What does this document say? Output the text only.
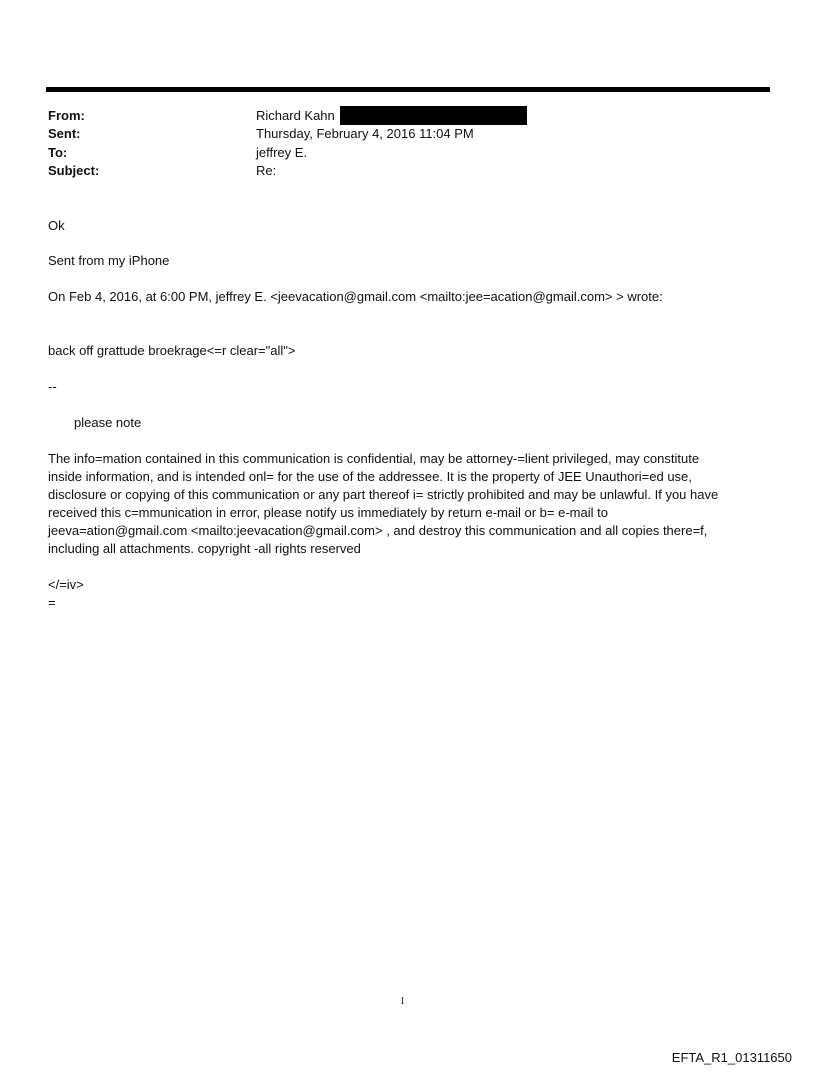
From:	Richard Kahn
Sent:	Thursday, February 4, 2016 11:04 PM
To:	jeffrey E.
Subject:	Re:
Ok
Sent from my iPhone
On Feb 4, 2016, at 6:00 PM, jeffrey E. <jeevacation@gmail.com <mailto:jee=acation@gmail.com> > wrote:
back off grattude broekrage<=r clear="all">
--
please note
The info=mation contained in this communication is confidential, may be attorney-=lient privileged, may constitute
inside information, and is intended onl= for the use of the addressee. It is the property of JEE Unauthori=ed use,
disclosure or copying of this communication or any part thereof i= strictly prohibited and may be unlawful. If you have
received this c=mmunication in error, please notify us immediately by return e-mail or b= e-mail to
jeeva=ation@gmail.com <mailto:jeevacation@gmail.com> , and destroy this communication and all copies there=f,
including all attachments. copyright -all rights reserved
</=iv>
=
1
EFTA_R1_01311650
